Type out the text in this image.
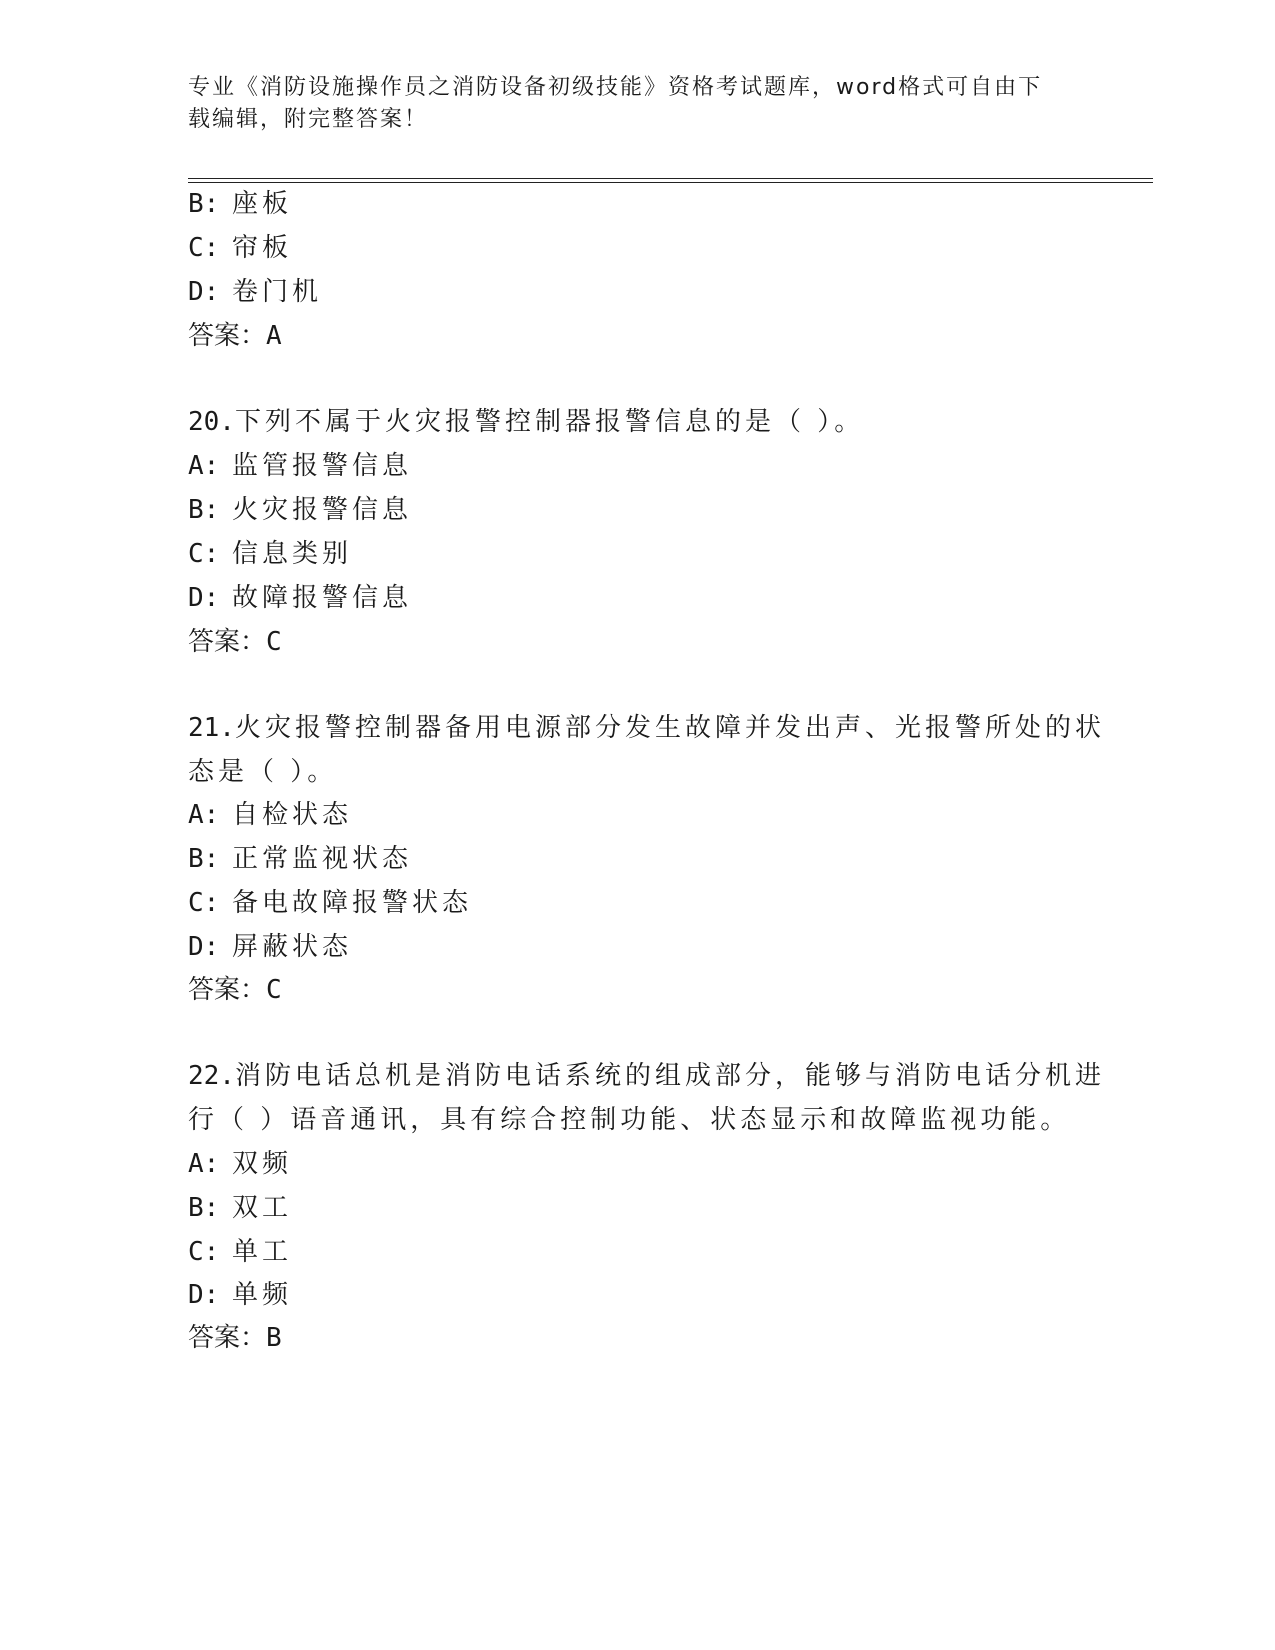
专业《消防设施操作员之消防设备初级技能》资格考试题库，word格式可自由下
载编辑，附完整答案！
B: 座板
C: 帘板
D: 卷门机
答案：A
20.下列不属于火灾报警控制器报警信息的是（ ）。
A: 监管报警信息
B: 火灾报警信息
C: 信息类别
D: 故障报警信息
答案：C
21.火灾报警控制器备用电源部分发生故障并发出声、光报警所处的状
态是（ ）。
A: 自检状态
B: 正常监视状态
C: 备电故障报警状态
D: 屏蔽状态
答案：C
22.消防电话总机是消防电话系统的组成部分，能够与消防电话分机进
行（ ）语音通讯，具有综合控制功能、状态显示和故障监视功能。
A: 双频
B: 双工
C: 单工
D: 单频
答案：B
